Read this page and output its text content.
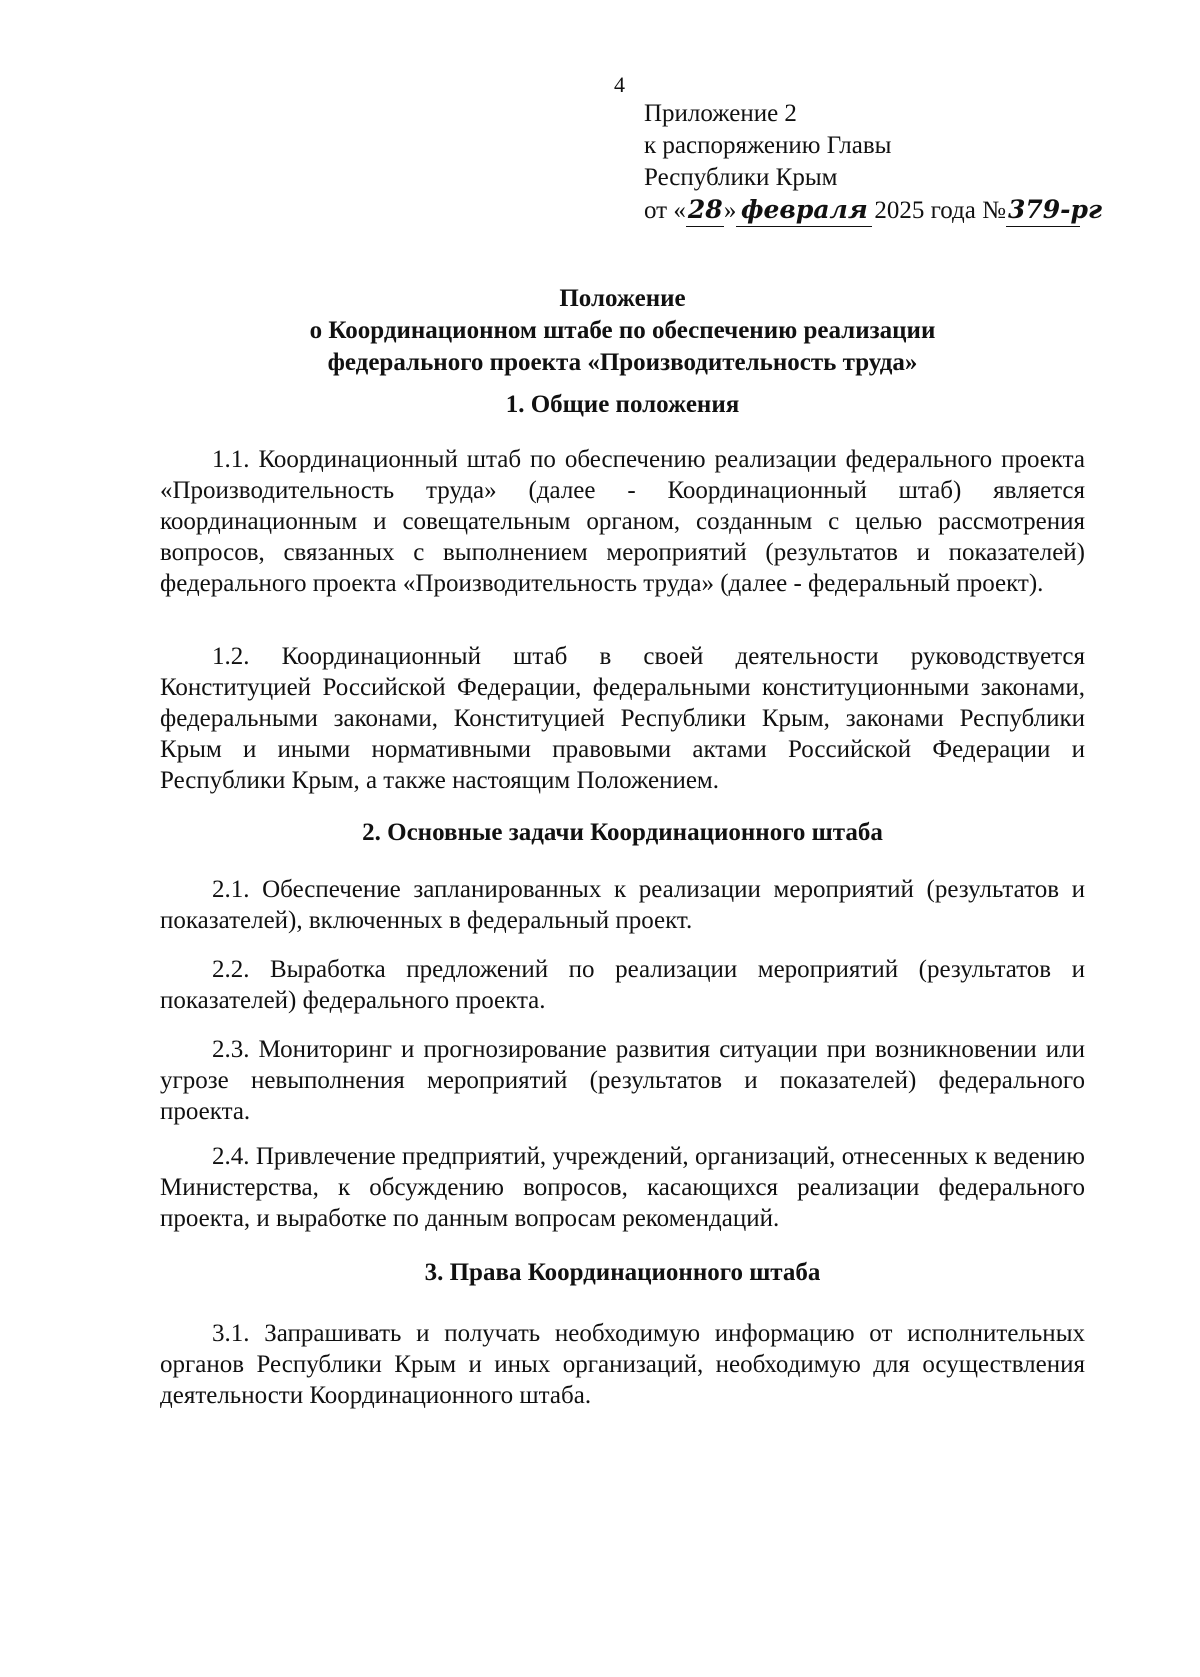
4
Приложение 2
к распоряжению Главы
Республики Крым
от «28» февраля 2025 года №379-рг
Положение
о Координационном штабе по обеспечению реализации
федерального проекта «Производительность труда»
1. Общие положения
1.1. Координационный штаб по обеспечению реализации федерального проекта «Производительность труда» (далее - Координационный штаб) является координационным и совещательным органом, созданным с целью рассмотрения вопросов, связанных с выполнением мероприятий (результатов и показателей) федерального проекта «Производительность труда» (далее - федеральный проект).
1.2. Координационный штаб в своей деятельности руководствуется Конституцией Российской Федерации, федеральными конституционными законами, федеральными законами, Конституцией Республики Крым, законами Республики Крым и иными нормативными правовыми актами Российской Федерации и Республики Крым, а также настоящим Положением.
2. Основные задачи Координационного штаба
2.1. Обеспечение запланированных к реализации мероприятий (результатов и показателей), включенных в федеральный проект.
2.2. Выработка предложений по реализации мероприятий (результатов и показателей) федерального проекта.
2.3. Мониторинг и прогнозирование развития ситуации при возникновении или угрозе невыполнения мероприятий (результатов и показателей) федерального проекта.
2.4. Привлечение предприятий, учреждений, организаций, отнесенных к ведению Министерства, к обсуждению вопросов, касающихся реализации федерального проекта, и выработке по данным вопросам рекомендаций.
3. Права Координационного штаба
3.1. Запрашивать и получать необходимую информацию от исполнительных органов Республики Крым и иных организаций, необходимую для осуществления деятельности Координационного штаба.
